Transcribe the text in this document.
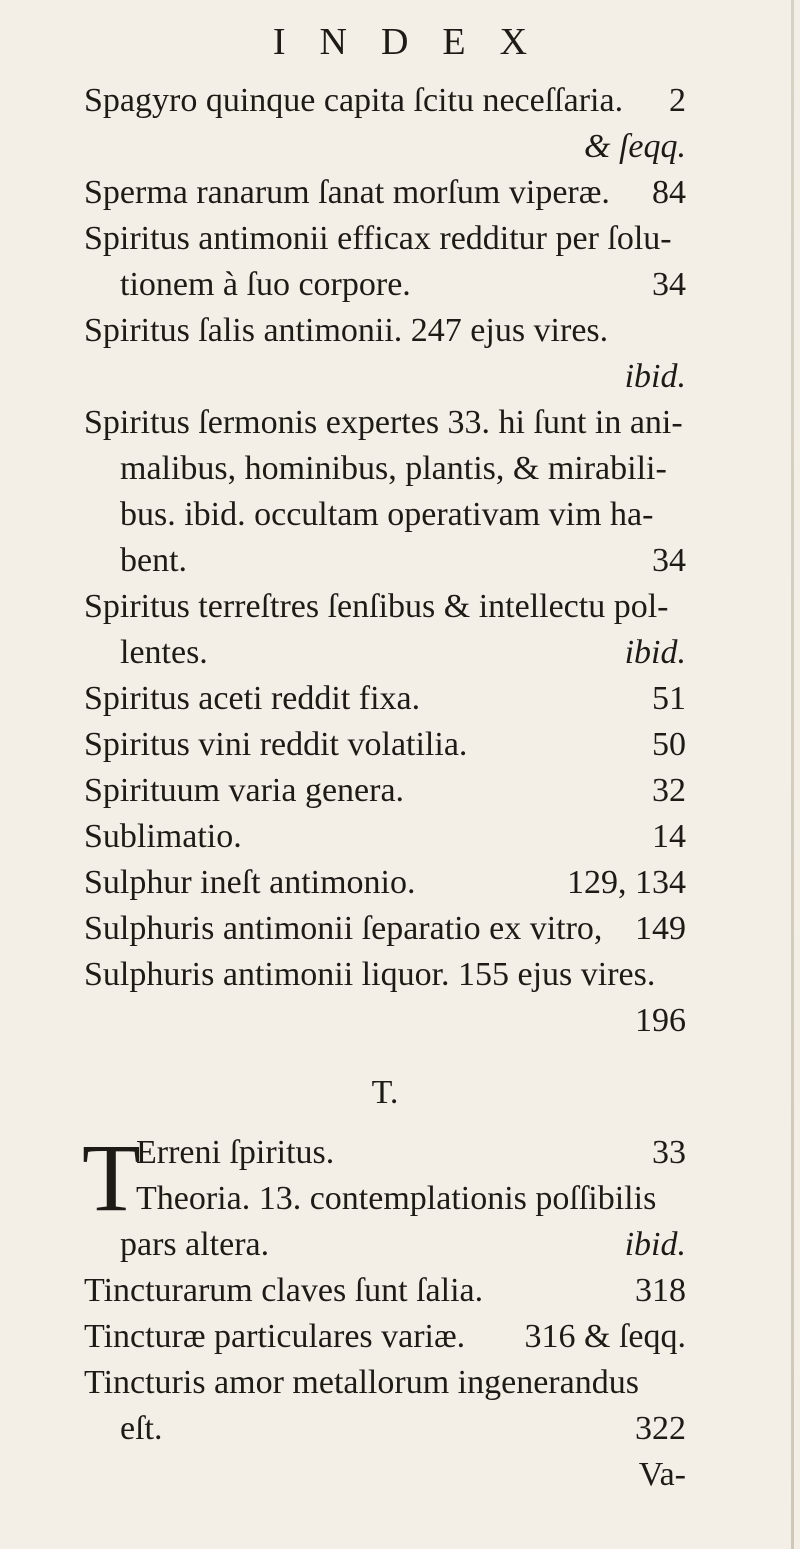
INDEX
Spagyro quinque capita ſcitu neceſſaria. 2
& ſeqq.
Sperma ranarum ſanat morſum viperæ. 84
Spiritus antimonii efficax redditur per ſolu-
tionem à ſuo corpore.	34
Spiritus ſalis antimonii. 247 ejus vires.
ibid.
Spiritus ſermonis expertes 33. hi ſunt in ani-
malibus, hominibus, plantis, & mirabili-
bus. ibid. occultam operativam vim ha-
bent.	34
Spiritus terreſtres ſenſibus & intellectu pol-
lentes.	ibid.
Spiritus aceti reddit fixa.	51
Spiritus vini reddit volatilia.	50
Spirituum varia genera.	32
Sublimatio.	14
Sulphur ineſt antimonio.	129, 134
Sulphuris antimonii ſeparatio ex vitro, 149
Sulphuris antimonii liquor. 155 ejus vires.
196
T.
T
Erreni ſpiritus.	33
Theoria. 13. contemplationis poſſibilis
pars altera.	ibid.
Tincturarum claves ſunt ſalia.	318
Tincturæ particulares variæ. 316 & ſeqq.
Tincturis amor metallorum ingenerandus
eſt.	322
Va-
